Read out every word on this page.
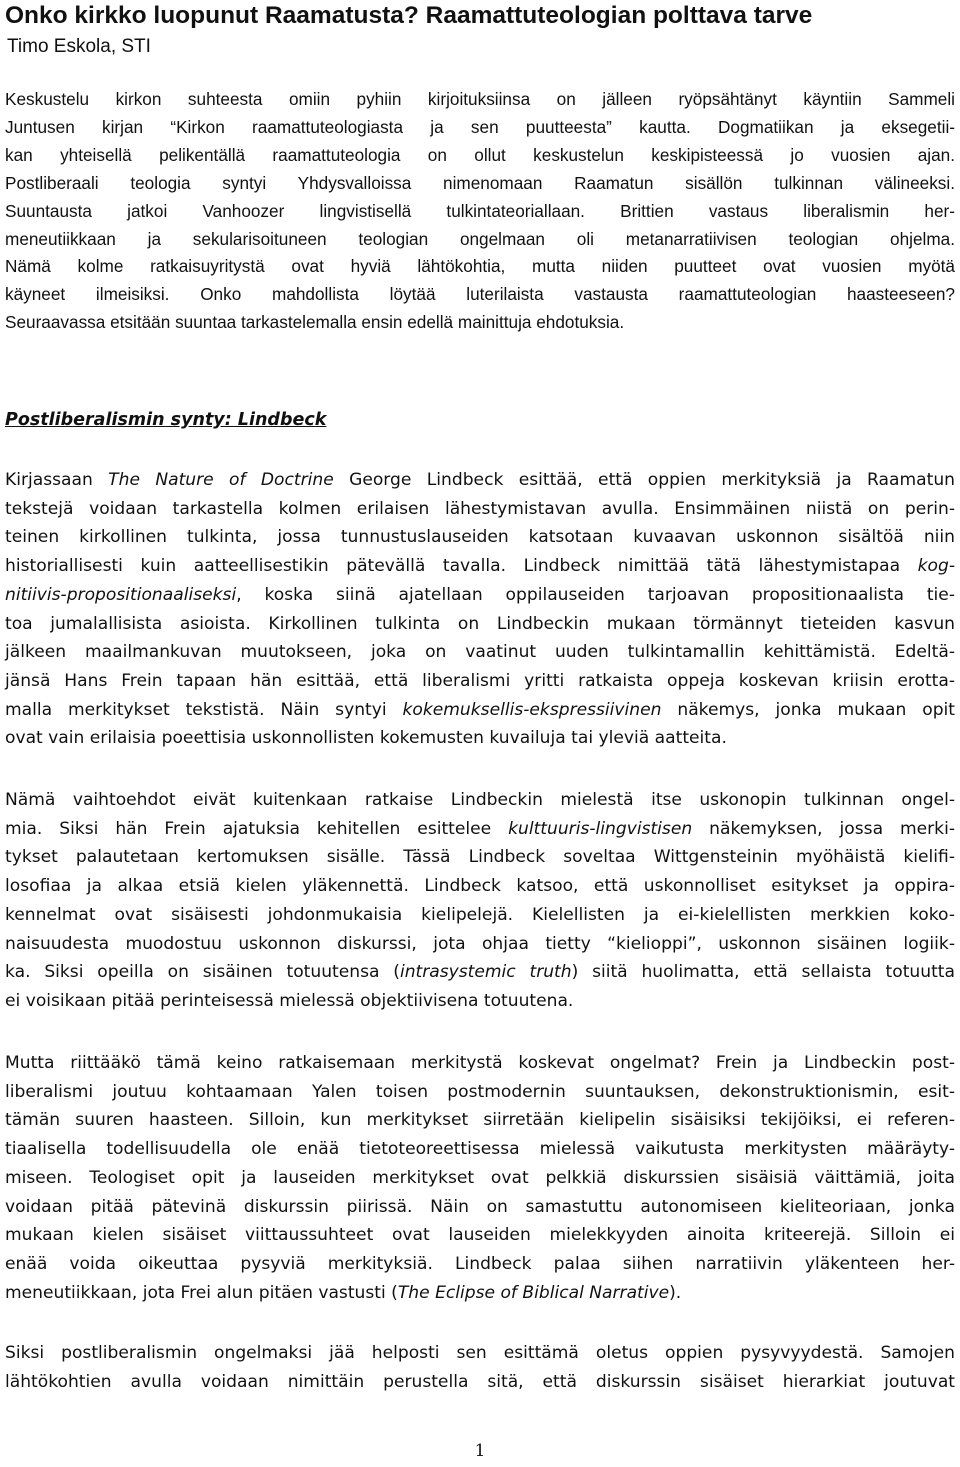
Onko kirkko luopunut Raamatusta? Raamattuteologian polttava tarve
Timo Eskola, STI
Keskustelu kirkon suhteesta omiin pyhiin kirjoituksiinsa on jälleen ryöpsähtänyt käyntiin Sammeli
Juntusen kirjan “Kirkon raamattuteologiasta ja sen puutteesta” kautta. Dogmatiikan ja eksegetii-
kan yhteisellä pelikentällä raamattuteologia on ollut keskustelun keskipisteessä jo vuosien ajan.
Postliberaali teologia syntyi Yhdysvalloissa nimenomaan Raamatun sisällön tulkinnan välineeksi.
Suuntausta jatkoi Vanhoozer lingvistisellä tulkintateoriallaan. Brittien vastaus liberalismin her-
meneutiikkaan ja sekularisoituneen teologian ongelmaan oli metanarratiivisen teologian ohjelma.
Nämä kolme ratkaisuyritystä ovat hyviä lähtökohtia, mutta niiden puutteet ovat vuosien myötä
käyneet ilmeisiksi. Onko mahdollista löytää luterilaista vastausta raamattuteologian haasteeseen?
Seuraavassa etsitään suuntaa tarkastelemalla ensin edellä mainittuja ehdotuksia.
Postliberalismin synty: Lindbeck
Kirjassaan The Nature of Doctrine George Lindbeck esittää, että oppien merkityksiä ja Raamatun
tekstejä voidaan tarkastella kolmen erilaisen lähestymistavan avulla. Ensimmäinen niistä on perin-
teinen kirkollinen tulkinta, jossa tunnustuslauseiden katsotaan kuvaavan uskonnon sisältöä niin
historiallisesti kuin aatteellisestikin pätevällä tavalla. Lindbeck nimittää tätä lähestymistapaa kog-
nitiivis-propositionaaliseksi, koska siinä ajatellaan oppilauseiden tarjoavan propositionaalista tie-
toa jumalallisista asioista. Kirkollinen tulkinta on Lindbeckin mukaan törmännyt tieteiden kasvun
jälkeen maailmankuvan muutokseen, joka on vaatinut uuden tulkintamallin kehittämistä. Edeltä-
jänsä Hans Frein tapaan hän esittää, että liberalismi yritti ratkaista oppeja koskevan kriisin erotta-
malla merkitykset tekstistä. Näin syntyi kokemuksellis-ekspressiivinen näkemys, jonka mukaan opit
ovat vain erilaisia poeettisia uskonnollisten kokemusten kuvailuja tai yleviä aatteita.
Nämä vaihtoehdot eivät kuitenkaan ratkaise Lindbeckin mielestä itse uskonopin tulkinnan ongel-
mia. Siksi hän Frein ajatuksia kehitellen esittelee kulttuuris-lingvistisen näkemyksen, jossa merki-
tykset palautetaan kertomuksen sisälle. Tässä Lindbeck soveltaa Wittgensteinin myöhäistä kielifi-
losofiaa ja alkaa etsiä kielen yläkennettä. Lindbeck katsoo, että uskonnolliset esitykset ja oppira-
kennelmat ovat sisäisesti johdonmukaisia kielipelejä. Kielellisten ja ei-kielellisten merkkien koko-
naisuudesta muodostuu uskonnon diskurssi, jota ohjaa tietty “kielioppi”, uskonnon sisäinen logiik-
ka. Siksi opeilla on sisäinen totuutensa (intrasystemic truth) siitä huolimatta, että sellaista totuutta
ei voisikaan pitää perinteisessä mielessä objektiivisena totuutena.
Mutta riittääkö tämä keino ratkaisemaan merkitystä koskevat ongelmat? Frein ja Lindbeckin post-
liberalismi joutuu kohtaamaan Yalen toisen postmodernin suuntauksen, dekonstruktionismin, esit-
tämän suuren haasteen. Silloin, kun merkitykset siirretään kielipelin sisäisiksi tekijöiksi, ei referen-
tiaalisella todellisuudella ole enää tietoteoreettisessa mielessä vaikutusta merkitysten määräyty-
miseen. Teologiset opit ja lauseiden merkitykset ovat pelkkiä diskurssien sisäisiä väittämiä, joita
voidaan pitää pätevinä diskurssin piirissä. Näin on samastuttu autonomiseen kieliteoriaan, jonka
mukaan kielen sisäiset viittaussuhteet ovat lauseiden mielekkyyden ainoita kriteerejä. Silloin ei
enää voida oikeuttaa pysyviä merkityksiä. Lindbeck palaa siihen narratiivin yläkenteen her-
meneutiikkaan, jota Frei alun pitäen vastusti (The Eclipse of Biblical Narrative).
Siksi postliberalismin ongelmaksi jää helposti sen esittämä oletus oppien pysyvyydestä. Samojen
lähtökohtien avulla voidaan nimittäin perustella sitä, että diskurssin sisäiset hierarkiat joutuvat
1
